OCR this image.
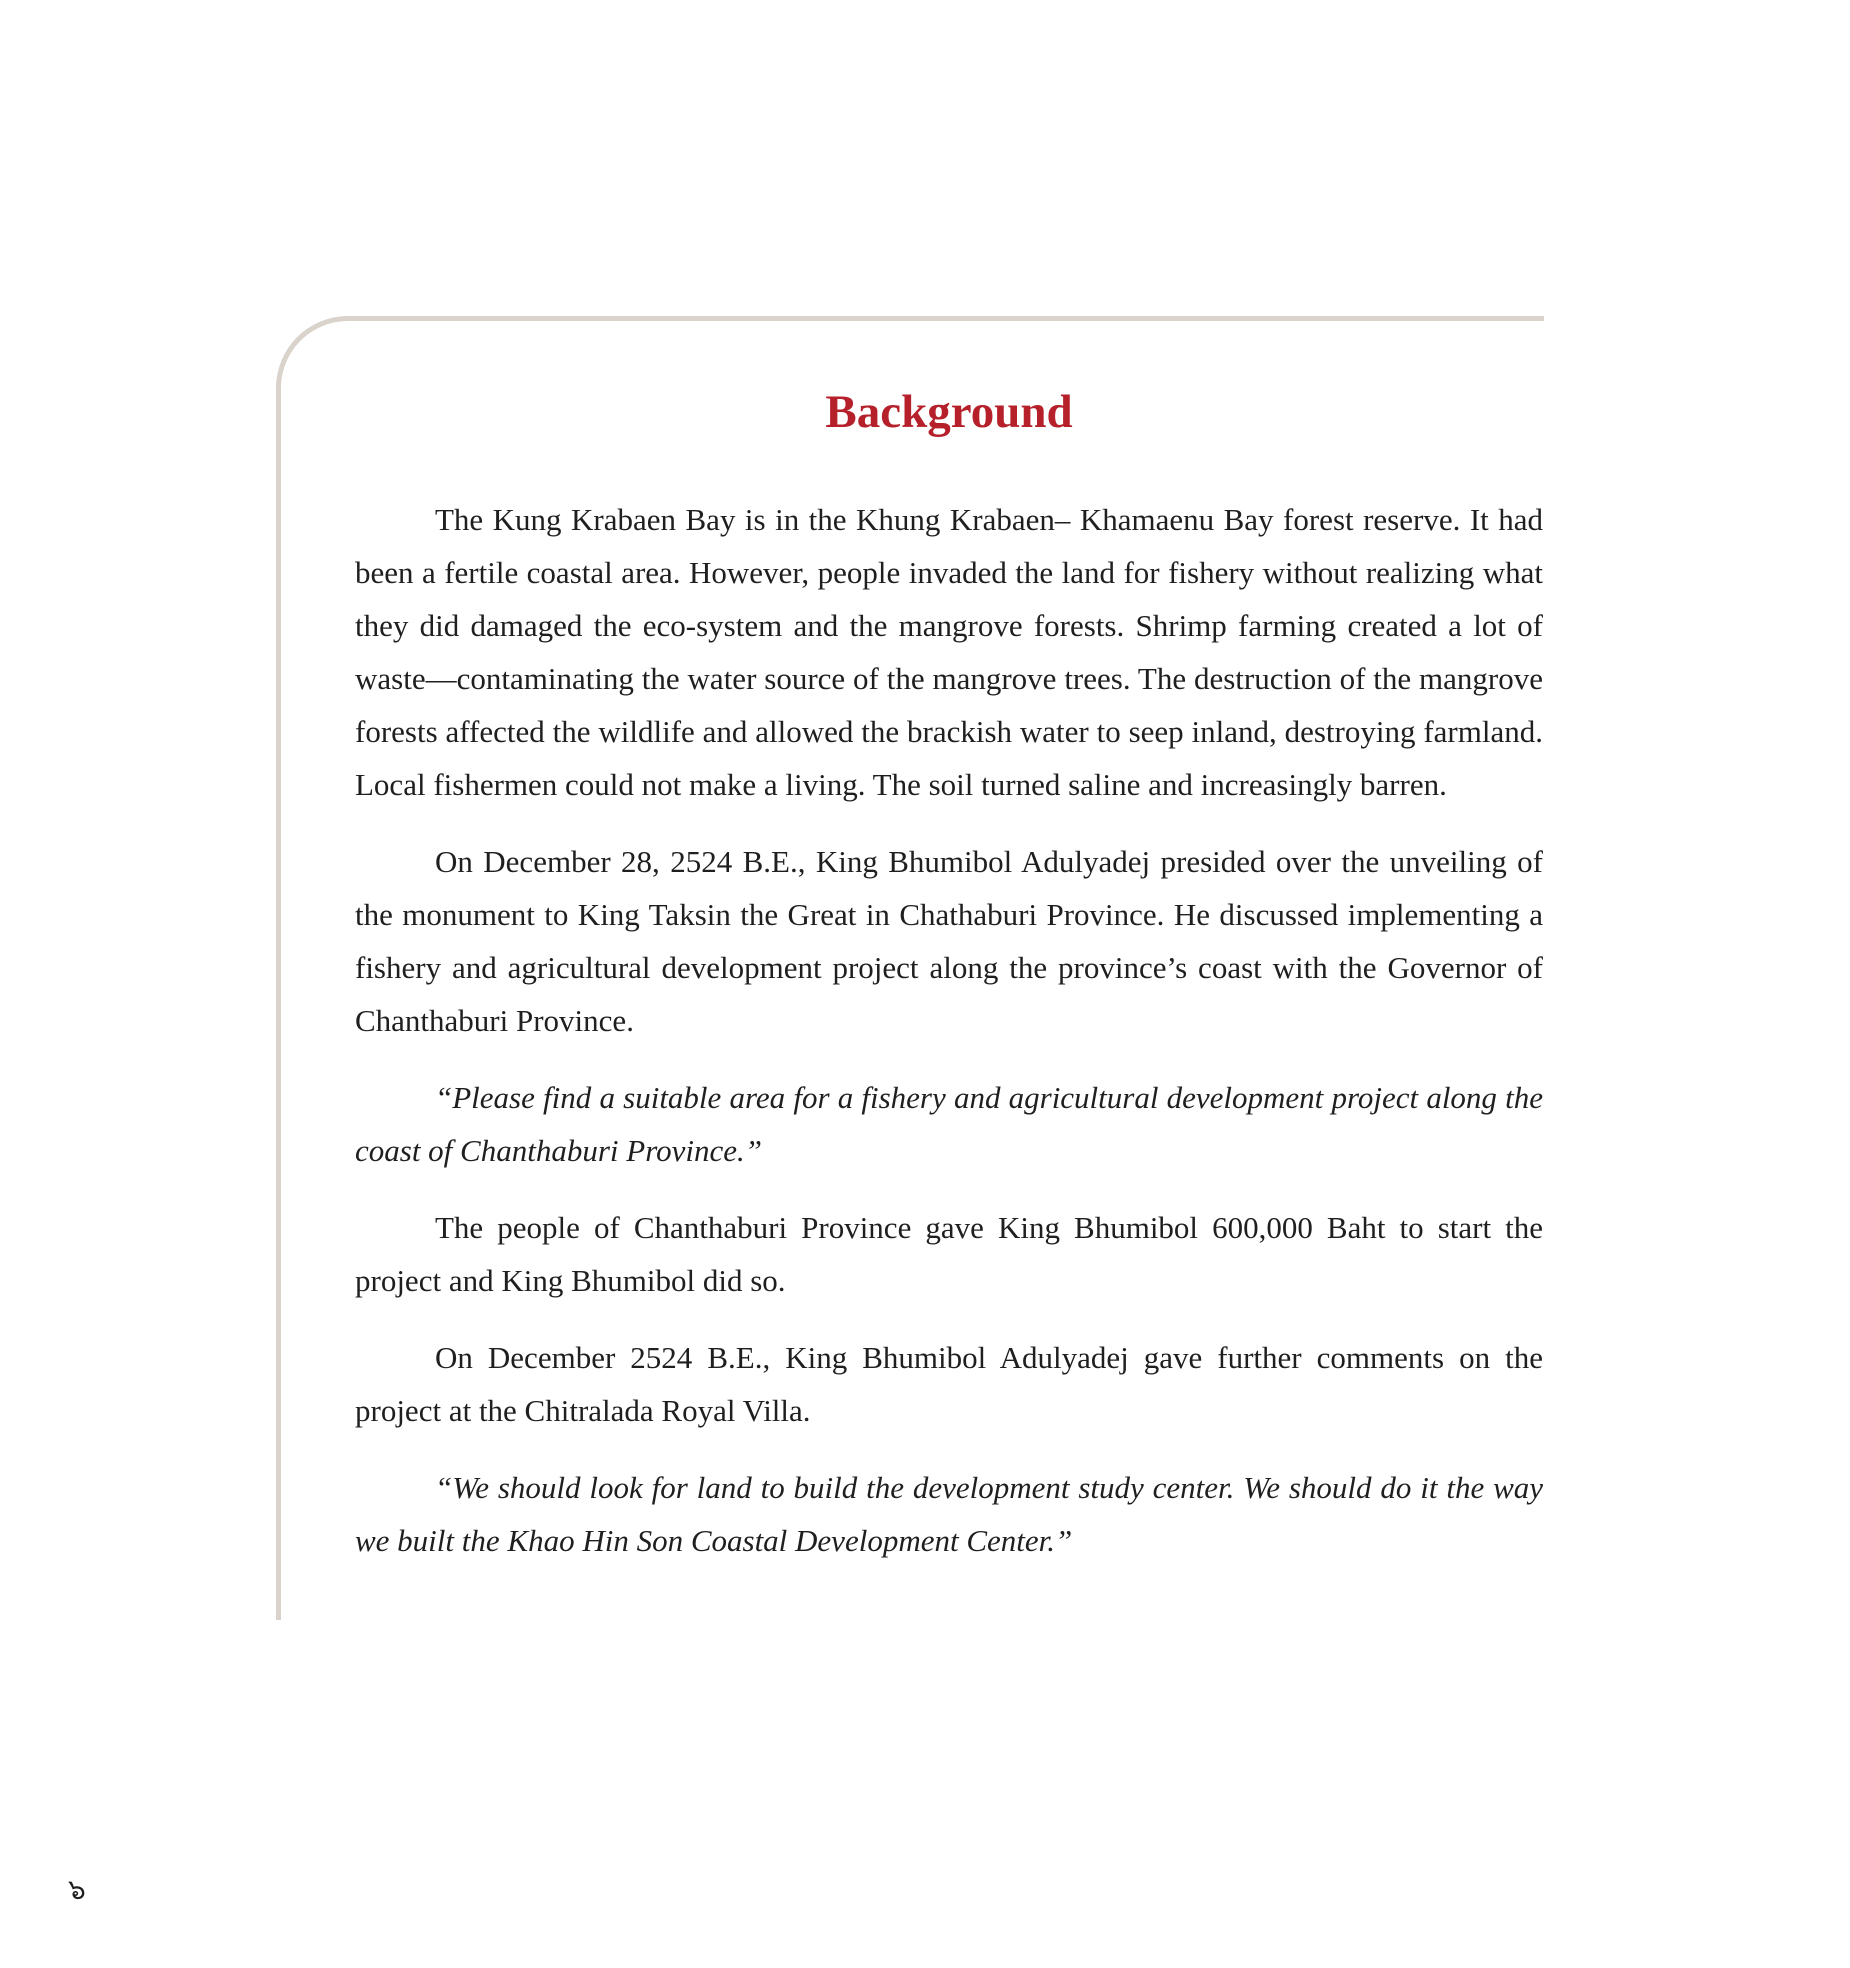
Background

The Kung Krabaen Bay is in the Khung Krabaen– Khamaenu Bay forest reserve. It had been a fertile coastal area. However, people invaded the land for fishery without realizing what they did damaged the eco-system and the mangrove forests. Shrimp farming created a lot of waste—contaminating the water source of the mangrove trees. The destruction of the mangrove forests affected the wildlife and allowed the brackish water to seep inland, destroying farmland. Local fishermen could not make a living. The soil turned saline and increasingly barren.

On December 28, 2524 B.E., King Bhumibol Adulyadej presided over the unveiling of the monument to King Taksin the Great in Chathaburi Province. He discussed implementing a fishery and agricultural development project along the province’s coast with the Governor of Chanthaburi Province.

“Please find a suitable area for a fishery and agricultural development project along the coast of Chanthaburi Province.”

The people of Chanthaburi Province gave King Bhumibol 600,000 Baht to start the project and King Bhumibol did so.

On December 2524 B.E., King Bhumibol Adulyadej gave further comments on the project at the Chitralada Royal Villa.

“We should look for land to build the development study center. We should do it the way we built the Khao Hin Son Coastal Development Center.”

๖
